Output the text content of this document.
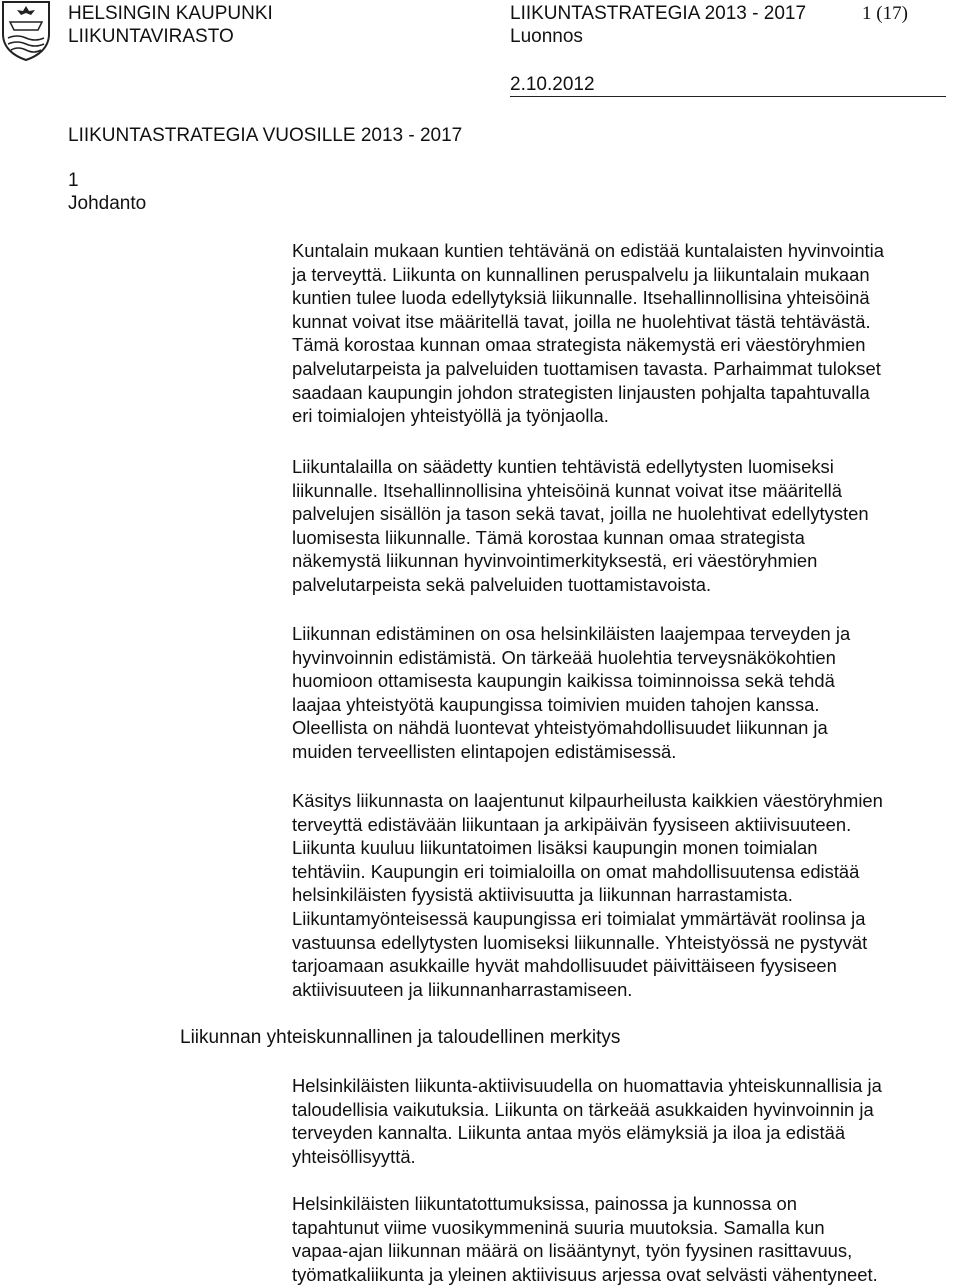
HELSINGIN KAUPUNKI
LIIKUNTAVIRASTO
LIIKUNTASTRATEGIA 2013 - 2017
Luonnos
1 (17)
2.10.2012
LIIKUNTASTRATEGIA VUOSILLE 2013 - 2017
1
Johdanto
Kuntalain mukaan kuntien tehtävänä on edistää kuntalaisten hyvinvointia
ja terveyttä. Liikunta on kunnallinen peruspalvelu ja liikuntalain mukaan
kuntien tulee luoda edellytyksiä liikunnalle. Itsehallinnollisina yhteisöinä
kunnat voivat itse määritellä tavat, joilla ne huolehtivat tästä tehtävästä.
Tämä korostaa kunnan omaa strategista näkemystä eri väestöryhmien
palvelutarpeista ja palveluiden tuottamisen tavasta. Parhaimmat tulokset
saadaan kaupungin johdon strategisten linjausten pohjalta tapahtuvalla
eri toimialojen yhteistyöllä ja työnjaolla.
Liikuntalailla on säädetty kuntien tehtävistä edellytysten luomiseksi
liikunnalle. Itsehallinnollisina yhteisöinä kunnat voivat itse määritellä
palvelujen sisällön ja tason sekä tavat, joilla ne huolehtivat edellytysten
luomisesta liikunnalle. Tämä korostaa kunnan omaa strategista
näkemystä liikunnan hyvinvointimerkityksestä, eri väestöryhmien
palvelutarpeista sekä palveluiden tuottamistavoista.
Liikunnan edistäminen on osa helsinkiläisten laajempaa terveyden ja
hyvinvoinnin edistämistä. On tärkeää huolehtia terveysnäkökohtien
huomioon ottamisesta kaupungin kaikissa toiminnoissa sekä tehdä
laajaa yhteistyötä kaupungissa toimivien muiden tahojen kanssa.
Oleellista on nähdä luontevat yhteistyömahdollisuudet liikunnan ja
muiden terveellisten elintapojen edistämisessä.
Käsitys liikunnasta on laajentunut kilpaurheilusta kaikkien väestöryhmien
terveyttä edistävään liikuntaan ja arkipäivän fyysiseen aktiivisuuteen.
Liikunta kuuluu liikuntatoimen lisäksi kaupungin monen toimialan
tehtäviin. Kaupungin eri toimialoilla on omat mahdollisuutensa edistää
helsinkiläisten fyysistä aktiivisuutta ja liikunnan harrastamista.
Liikuntamyönteisessä kaupungissa eri toimialat ymmärtävät roolinsa ja
vastuunsa edellytysten luomiseksi liikunnalle. Yhteistyössä ne pystyvät
tarjoamaan asukkaille hyvät mahdollisuudet päivittäiseen fyysiseen
aktiivisuuteen ja liikunnanharrastamiseen.
Liikunnan yhteiskunnallinen ja taloudellinen merkitys
Helsinkiläisten liikunta-aktiivisuudella on huomattavia yhteiskunnallisia ja
taloudellisia vaikutuksia. Liikunta on tärkeää asukkaiden hyvinvoinnin ja
terveyden kannalta. Liikunta antaa myös elämyksiä ja iloa ja edistää
yhteisöllisyyttä.
Helsinkiläisten liikuntatottumuksissa, painossa ja kunnossa on
tapahtunut viime vuosikymmeninä suuria muutoksia. Samalla kun
vapaa-ajan liikunnan määrä on lisääntynyt, työn fyysinen rasittavuus,
työmatkaliikunta ja yleinen aktiivisuus arjessa ovat selvästi vähentyneet.
